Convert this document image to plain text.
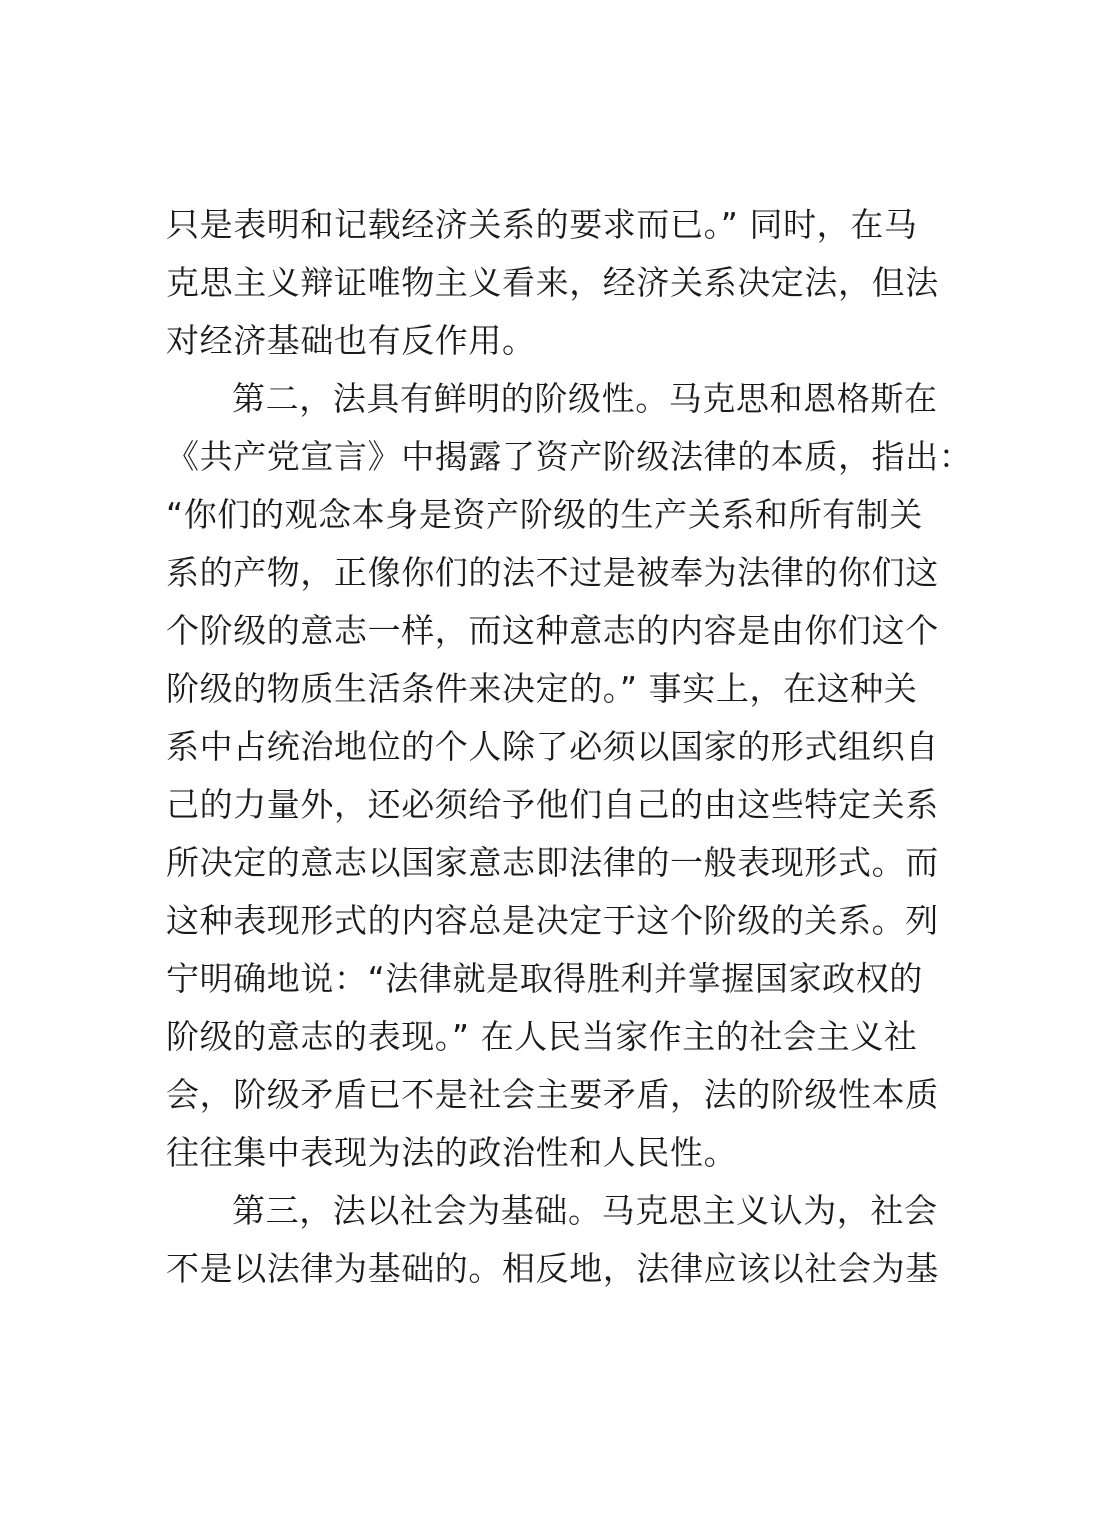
只是表明和记载经济关系的要求而已。” 同时，在马
克思主义辩证唯物主义看来，经济关系决定法，但法
对经济基础也有反作用。
第二，法具有鲜明的阶级性。马克思和恩格斯在
《共产党宣言》中揭露了资产阶级法律的本质，指出：
“你们的观念本身是资产阶级的生产关系和所有制关
系的产物，正像你们的法不过是被奉为法律的你们这
个阶级的意志一样，而这种意志的内容是由你们这个
阶级的物质生活条件来决定的。” 事实上，在这种关
系中占统治地位的个人除了必须以国家的形式组织自
己的力量外，还必须给予他们自己的由这些特定关系
所决定的意志以国家意志即法律的一般表现形式。而
这种表现形式的内容总是决定于这个阶级的关系。列
宁明确地说：“法律就是取得胜利并掌握国家政权的
阶级的意志的表现。” 在人民当家作主的社会主义社
会，阶级矛盾已不是社会主要矛盾，法的阶级性本质
往往集中表现为法的政治性和人民性。
第三，法以社会为基础。马克思主义认为，社会
不是以法律为基础的。相反地，法律应该以社会为基
